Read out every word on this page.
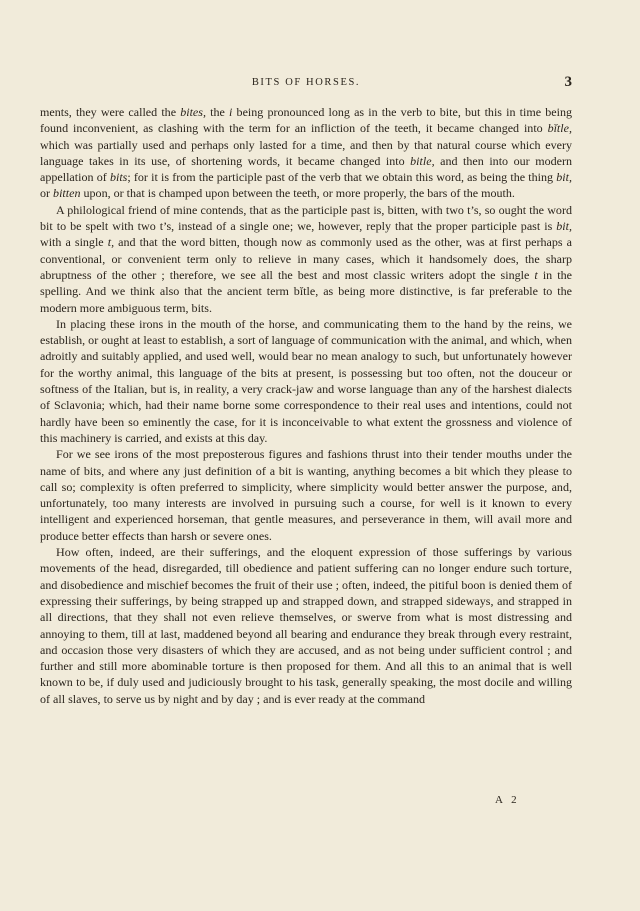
BITS OF HORSES.	3

ments, they were called the bites, the i being pronounced long as in the verb to bite, but this in time being found inconvenient, as clashing with the term for an infliction of the teeth, it became changed into bĭtle, which was partially used and perhaps only lasted for a time, and then by that natural course which every language takes in its use, of shortening words, it became changed into bitle, and then into our modern appellation of bits; for it is from the participle past of the verb that we obtain this word, as being the thing bit, or bitten upon, or that is champed upon between the teeth, or more properly, the bars of the mouth.

A philological friend of mine contends, that as the participle past is, bitten, with two t’s, so ought the word bit to be spelt with two t’s, instead of a single one; we, however, reply that the proper participle past is bit, with a single t, and that the word bitten, though now as commonly used as the other, was at first perhaps a conventional, or convenient term only to relieve in many cases, which it handsomely does, the sharp abruptness of the other ; therefore, we see all the best and most classic writers adopt the single t in the spelling. And we think also that the ancient term bĭtle, as being more distinctive, is far preferable to the modern more ambiguous term, bits.

In placing these irons in the mouth of the horse, and communicating them to the hand by the reins, we establish, or ought at least to establish, a sort of language of communication with the animal, and which, when adroitly and suitably applied, and used well, would bear no mean analogy to such, but unfortunately however for the worthy animal, this language of the bits at present, is possessing but too often, not the douceur or softness of the Italian, but is, in reality, a very crack-jaw and worse language than any of the harshest dialects of Sclavonia; which, had their name borne some correspondence to their real uses and intentions, could not hardly have been so eminently the case, for it is inconceivable to what extent the grossness and violence of this machinery is carried, and exists at this day.

For we see irons of the most preposterous figures and fashions thrust into their tender mouths under the name of bits, and where any just definition of a bit is wanting, anything becomes a bit which they please to call so; complexity is often preferred to simplicity, where simplicity would better answer the purpose, and, unfortunately, too many interests are involved in pursuing such a course, for well is it known to every intelligent and experienced horseman, that gentle measures, and perseverance in them, will avail more and produce better effects than harsh or severe ones.

How often, indeed, are their sufferings, and the eloquent expression of those sufferings by various movements of the head, disregarded, till obedience and patient suffering can no longer endure such torture, and disobedience and mischief becomes the fruit of their use ; often, indeed, the pitiful boon is denied them of expressing their sufferings, by being strapped up and strapped down, and strapped sideways, and strapped in all directions, that they shall not even relieve themselves, or swerve from what is most distressing and annoying to them, till at last, maddened beyond all bearing and endurance they break through every restraint, and occasion those very disasters of which they are accused, and as not being under sufficient control ; and further and still more abominable torture is then proposed for them. And all this to an animal that is well known to be, if duly used and judiciously brought to his task, generally speaking, the most docile and willing of all slaves, to serve us by night and by day ; and is ever ready at the command

A 2
